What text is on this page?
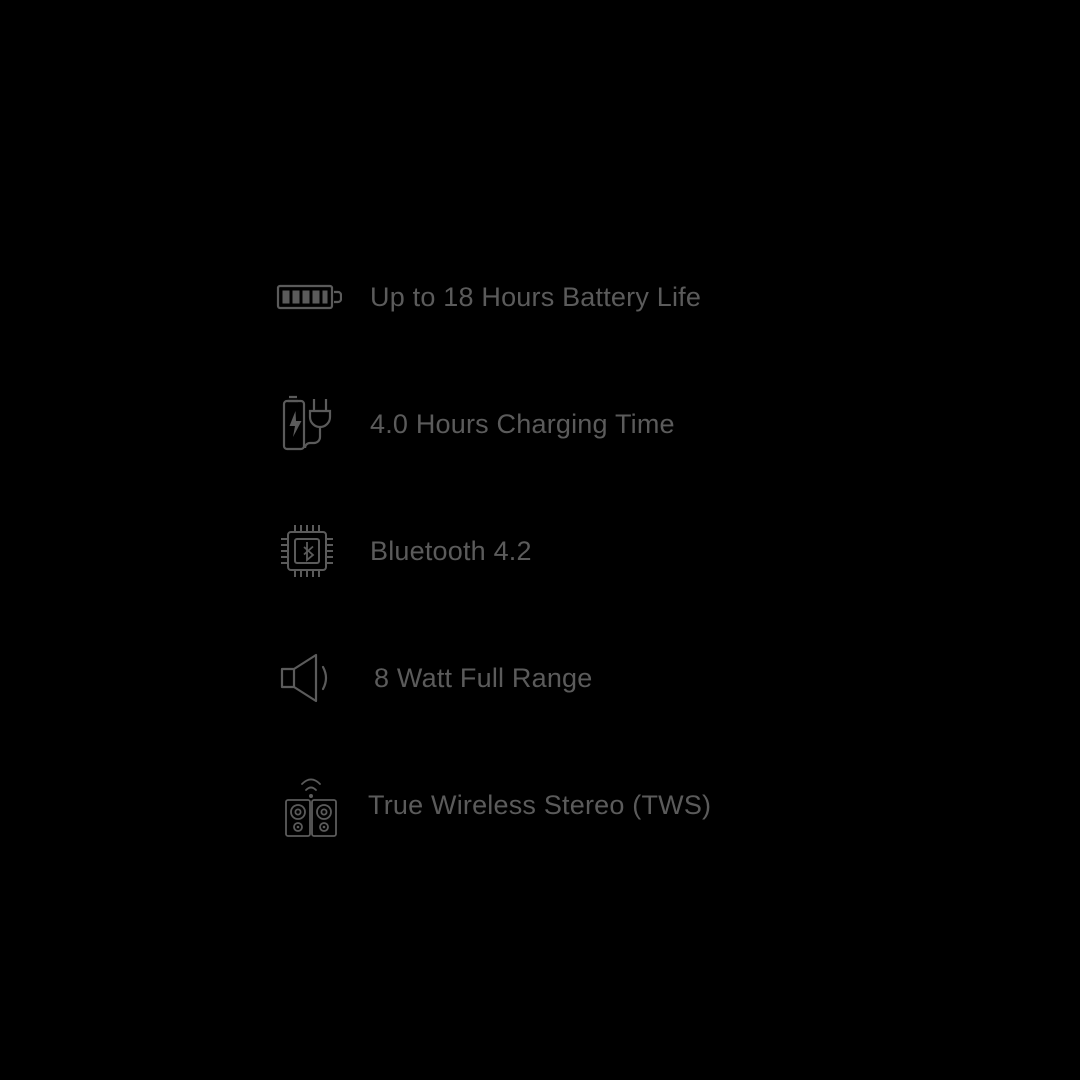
Up to 18 Hours Battery Life
4.0 Hours Charging Time
Bluetooth 4.2
8 Watt Full Range
True Wireless Stereo (TWS)
